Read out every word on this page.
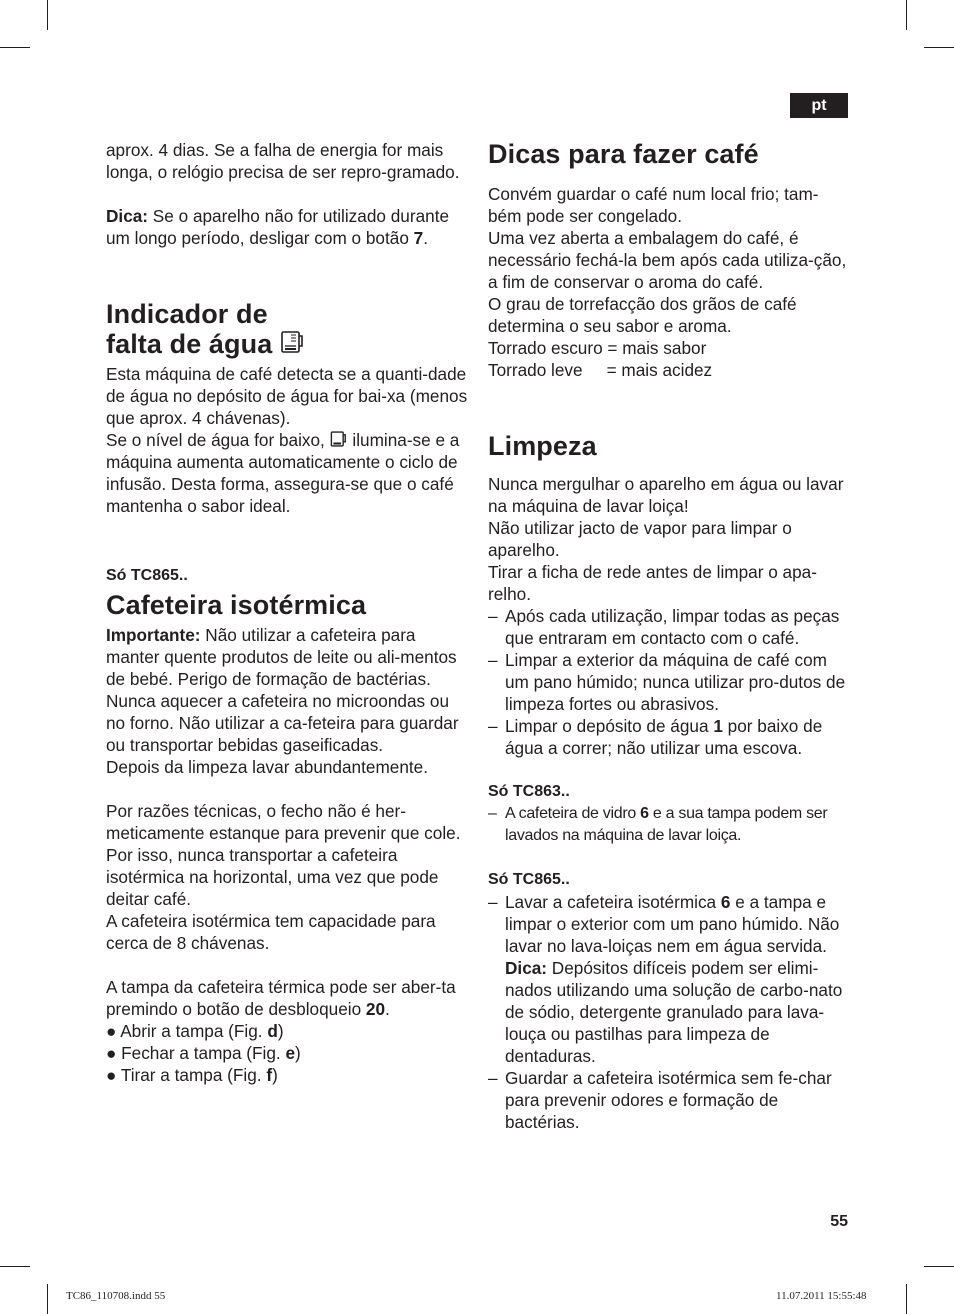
pt

aprox. 4 dias. Se a falha de energia for mais longa, o relógio precisa de ser repro-gramado.

Dica: Se o aparelho não for utilizado durante um longo período, desligar com o botão 7.

Indicador de
falta de água

Esta máquina de café detecta se a quanti-dade de água no depósito de água for bai-xa (menos que aprox. 4 chávenas).

Se o nível de água for baixo,  ilumina-se e a máquina aumenta automaticamente o ciclo de infusão. Desta forma, assegura-se que o café mantenha o sabor ideal.

Só TC865..

Cafeteira isotérmica

Importante: Não utilizar a cafeteira para manter quente produtos de leite ou ali-mentos de bebé. Perigo de formação de bactérias. Nunca aquecer a cafeteira no microondas ou no forno. Não utilizar a ca-feteira para guardar ou transportar bebidas gaseificadas.

Depois da limpeza lavar abundantemente.

Por razões técnicas, o fecho não é her-meticamente estanque para prevenir que cole. Por isso, nunca transportar a cafeteira isotérmica na horizontal, uma vez que pode deitar café.

A cafeteira isotérmica tem capacidade para cerca de 8 chávenas.

A tampa da cafeteira térmica pode ser aber-ta premindo o botão de desbloqueio 20.

● Abrir a tampa (Fig. d)

● Fechar a tampa (Fig. e)

● Tirar a tampa (Fig. f)

Dicas para fazer café

Convém guardar o café num local frio; tam-bém pode ser congelado.

Uma vez aberta a embalagem do café, é necessário fechá-la bem após cada utiliza-ção, a fim de conservar o aroma do café.

O grau de torrefacção dos grãos de café determina o seu sabor e aroma.

Torrado escuro = mais sabor

Torrado leve = mais acidez

Limpeza

Nunca mergulhar o aparelho em água ou lavar na máquina de lavar loiça!

Não utilizar jacto de vapor para limpar o aparelho.

Tirar a ficha de rede antes de limpar o apa-relho.

– Após cada utilização, limpar todas as peças que entraram em contacto com o café.

– Limpar a exterior da máquina de café com um pano húmido; nunca utilizar pro-dutos de limpeza fortes ou abrasivos.

– Limpar o depósito de água 1 por baixo de água a correr; não utilizar uma escova.

Só TC863..

– A cafeteira de vidro 6 e a sua tampa podem ser lavados na máquina de lavar loiça.

Só TC865..

– Lavar a cafeteira isotérmica 6 e a tampa e limpar o exterior com um pano húmido. Não lavar no lava-loiças nem em água servida.
Dica: Depósitos difíceis podem ser elimi-nados utilizando uma solução de carbo-nato de sódio, detergente granulado para lava-louça ou pastilhas para limpeza de dentaduras.

– Guardar a cafeteira isotérmica sem fe-char para prevenir odores e formação de bactérias.

55
TC86_110708.indd 55	11.07.2011 15:55:48
